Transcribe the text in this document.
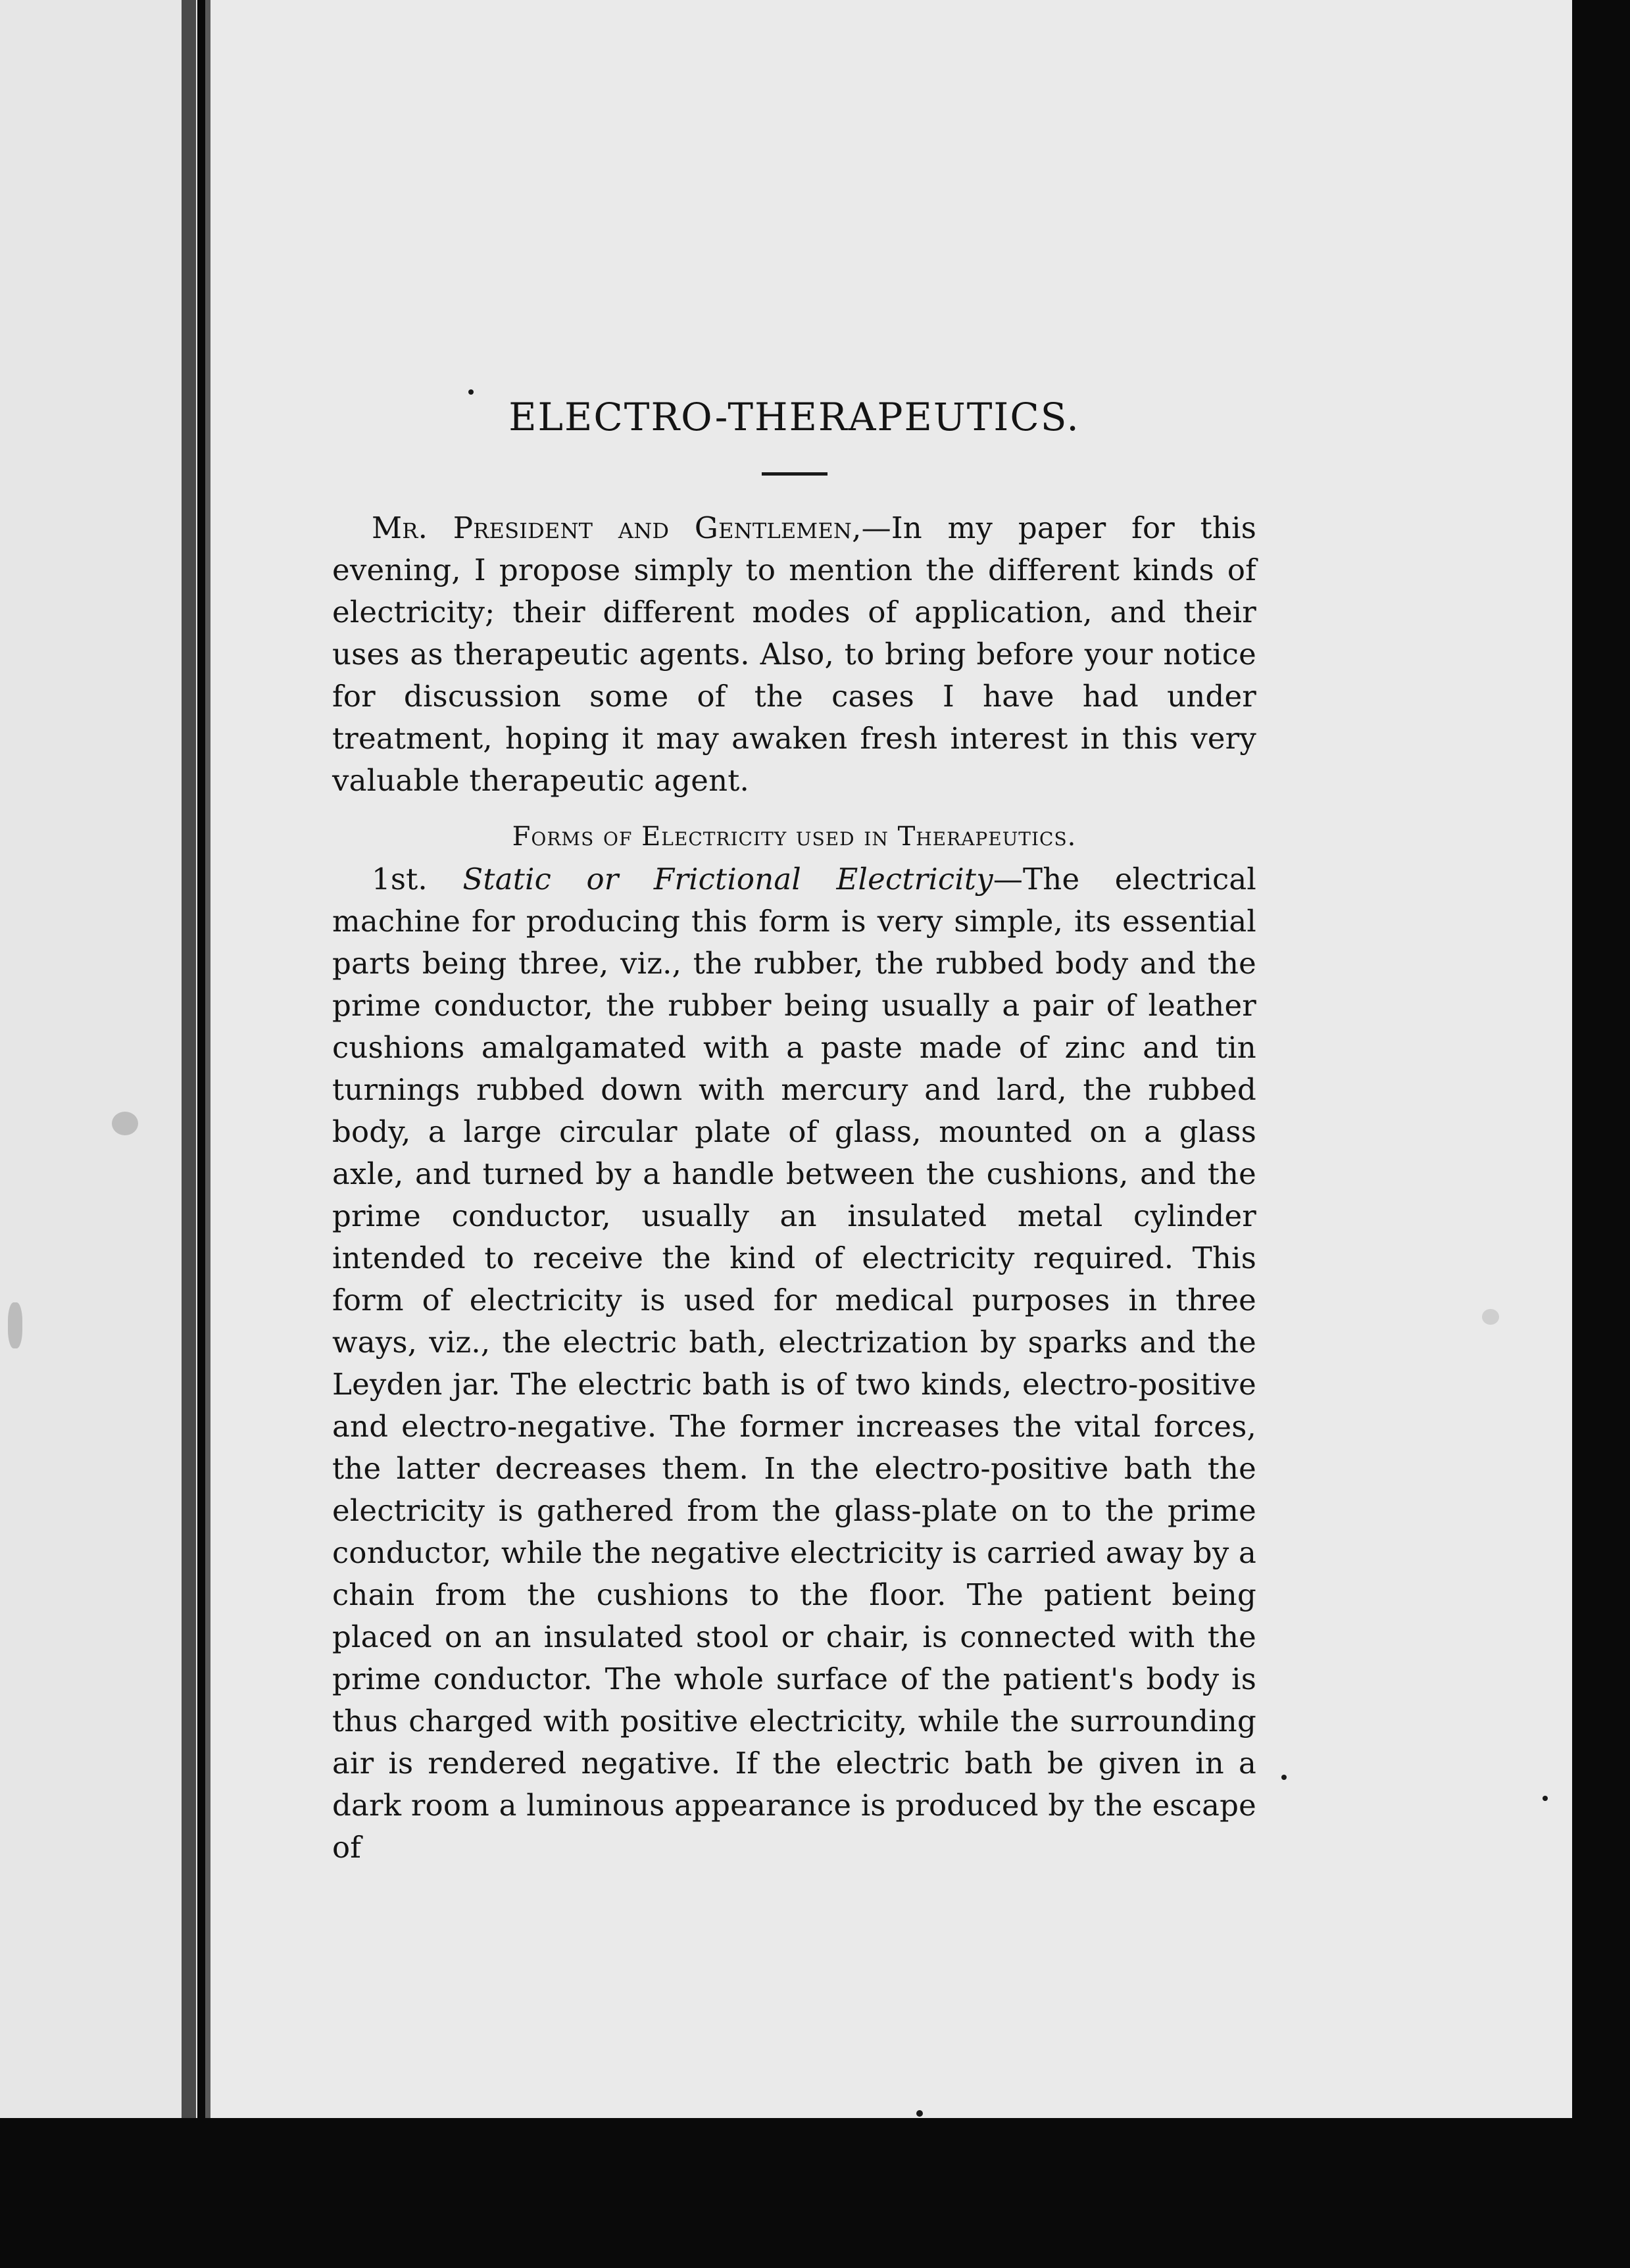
ELECTRO-THERAPEUTICS.

Mr. President and Gentlemen,—In my paper for this evening, I propose simply to mention the different kinds of electricity; their different modes of application, and their uses as therapeutic agents. Also, to bring before your notice for discussion some of the cases I have had under treatment, hoping it may awaken fresh interest in this very valuable therapeutic agent.

Forms of Electricity used in Therapeutics.

1st. Static or Frictional Electricity—The electrical machine for producing this form is very simple, its essential parts being three, viz., the rubber, the rubbed body and the prime conductor, the rubber being usually a pair of leather cushions amalgamated with a paste made of zinc and tin turnings rubbed down with mercury and lard, the rubbed body, a large circular plate of glass, mounted on a glass axle, and turned by a handle between the cushions, and the prime conductor, usually an insulated metal cylinder intended to receive the kind of electricity required. This form of electricity is used for medical purposes in three ways, viz., the electric bath, electrization by sparks and the Leyden jar. The electric bath is of two kinds, electro-positive and electro-negative. The former increases the vital forces, the latter decreases them. In the electro-positive bath the electricity is gathered from the glass-plate on to the prime conductor, while the negative electricity is carried away by a chain from the cushions to the floor. The patient being placed on an insulated stool or chair, is connected with the prime conductor. The whole surface of the patient's body is thus charged with positive electricity, while the surrounding air is rendered negative. If the electric bath be given in a dark room a luminous appearance is produced by the escape of
